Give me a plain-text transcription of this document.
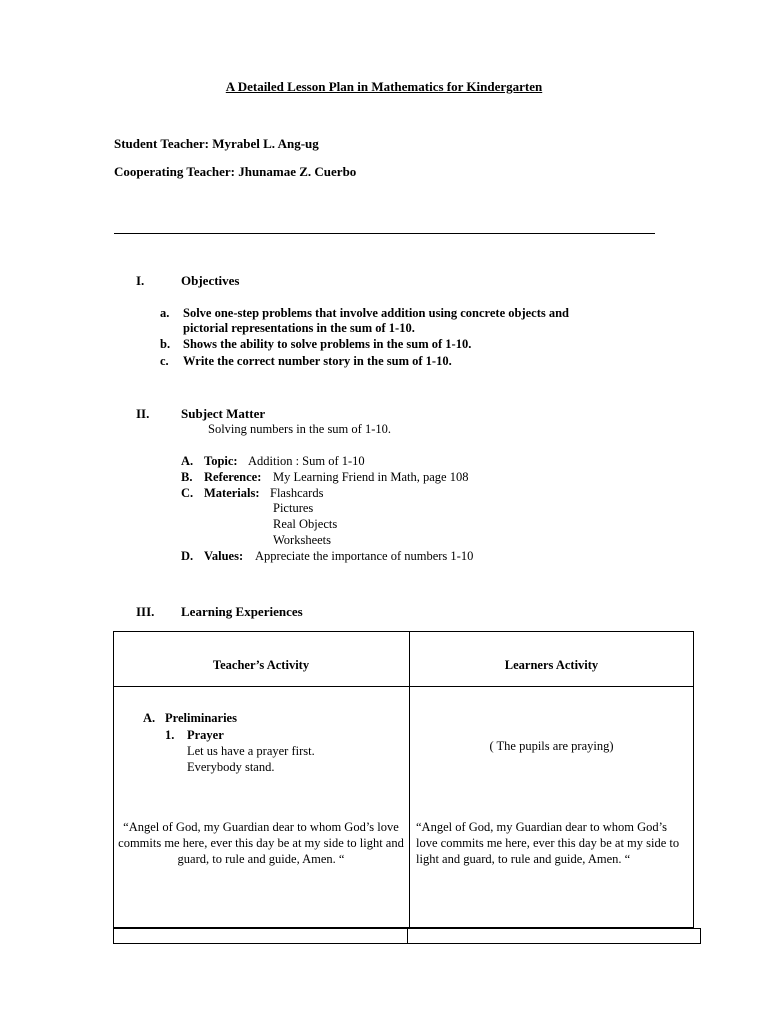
A Detailed Lesson Plan in Mathematics for Kindergarten
Student Teacher: Myrabel L. Ang-ug
Cooperating Teacher: Jhunamae Z. Cuerbo
I.	Objectives
a. Solve one-step problems that involve addition using concrete objects and
pictorial representations in the sum of 1-10.
b. Shows the ability to solve problems in the sum of 1-10.
c. Write the correct number story in the sum of 1-10.
II. Subject Matter
Solving numbers in the sum of 1-10.
A. Topic: Addition : Sum of 1-10
B. Reference: My Learning Friend in Math, page 108
C. Materials: Flashcards
Pictures
Real Objects
Worksheets
D. Values: Appreciate the importance of numbers 1-10
III. Learning Experiences
Teacher’s Activity	Learners Activity
A. Preliminaries
1. Prayer
Let us have a prayer first.
Everybody stand.
( The pupils are praying)
“Angel of God, my Guardian dear to whom God’s love commits me here, ever this day be at my side to light and guard, to rule and guide, Amen. “
“Angel of God, my Guardian dear to whom God’s love commits me here, ever this day be at my side to light and guard, to rule and guide, Amen. “
